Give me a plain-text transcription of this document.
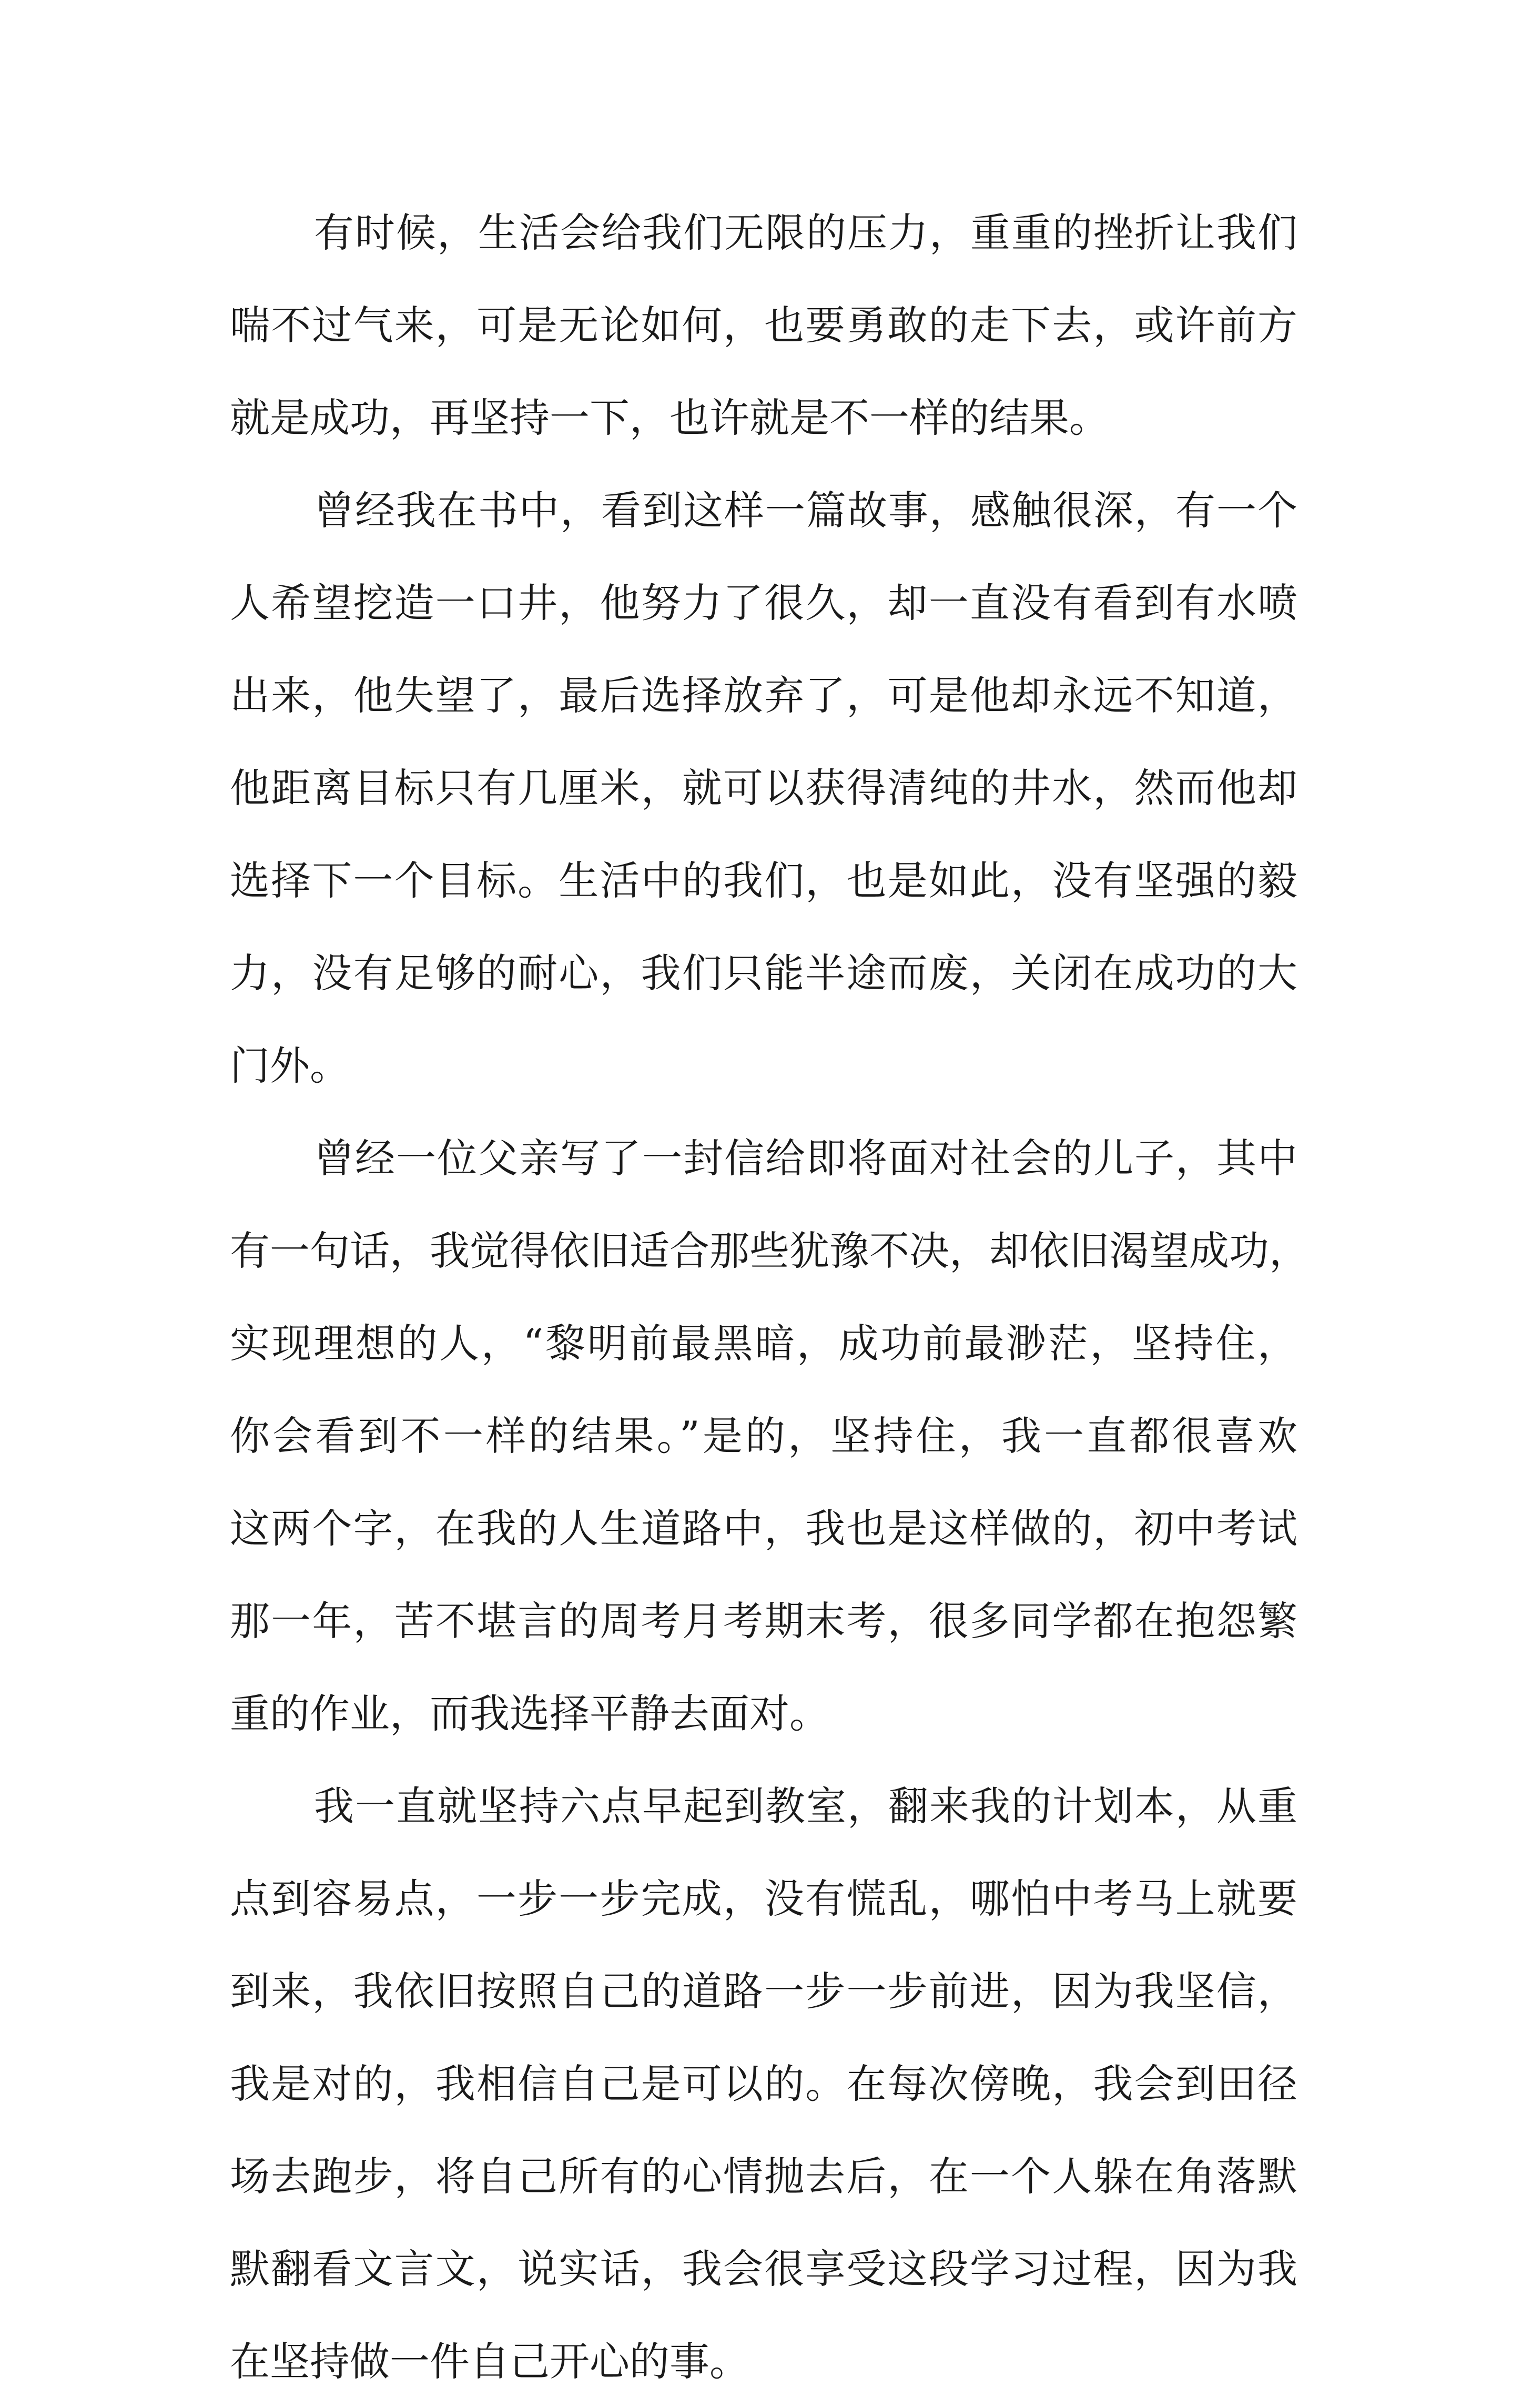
有时候，生活会给我们无限的压力，重重的挫折让我们
喘不过气来，可是无论如何，也要勇敢的走下去，或许前方
就是成功，再坚持一下，也许就是不一样的结果。
曾经我在书中，看到这样一篇故事，感触很深，有一个
人希望挖造一口井，他努力了很久，却一直没有看到有水喷
出来，他失望了，最后选择放弃了，可是他却永远不知道，
他距离目标只有几厘米，就可以获得清纯的井水，然而他却
选择下一个目标。生活中的我们，也是如此，没有坚强的毅
力，没有足够的耐心，我们只能半途而废，关闭在成功的大
门外。
曾经一位父亲写了一封信给即将面对社会的儿子，其中
有一句话，我觉得依旧适合那些犹豫不决，却依旧渴望成功，
实现理想的人，“黎明前最黑暗，成功前最渺茫，坚持住，
你会看到不一样的结果。”是的，坚持住，我一直都很喜欢
这两个字，在我的人生道路中，我也是这样做的，初中考试
那一年，苦不堪言的周考月考期末考，很多同学都在抱怨繁
重的作业，而我选择平静去面对。
我一直就坚持六点早起到教室，翻来我的计划本，从重
点到容易点，一步一步完成，没有慌乱，哪怕中考马上就要
到来，我依旧按照自己的道路一步一步前进，因为我坚信，
我是对的，我相信自己是可以的。在每次傍晚，我会到田径
场去跑步，将自己所有的心情抛去后，在一个人躲在角落默
默翻看文言文，说实话，我会很享受这段学习过程，因为我
在坚持做一件自己开心的事。
